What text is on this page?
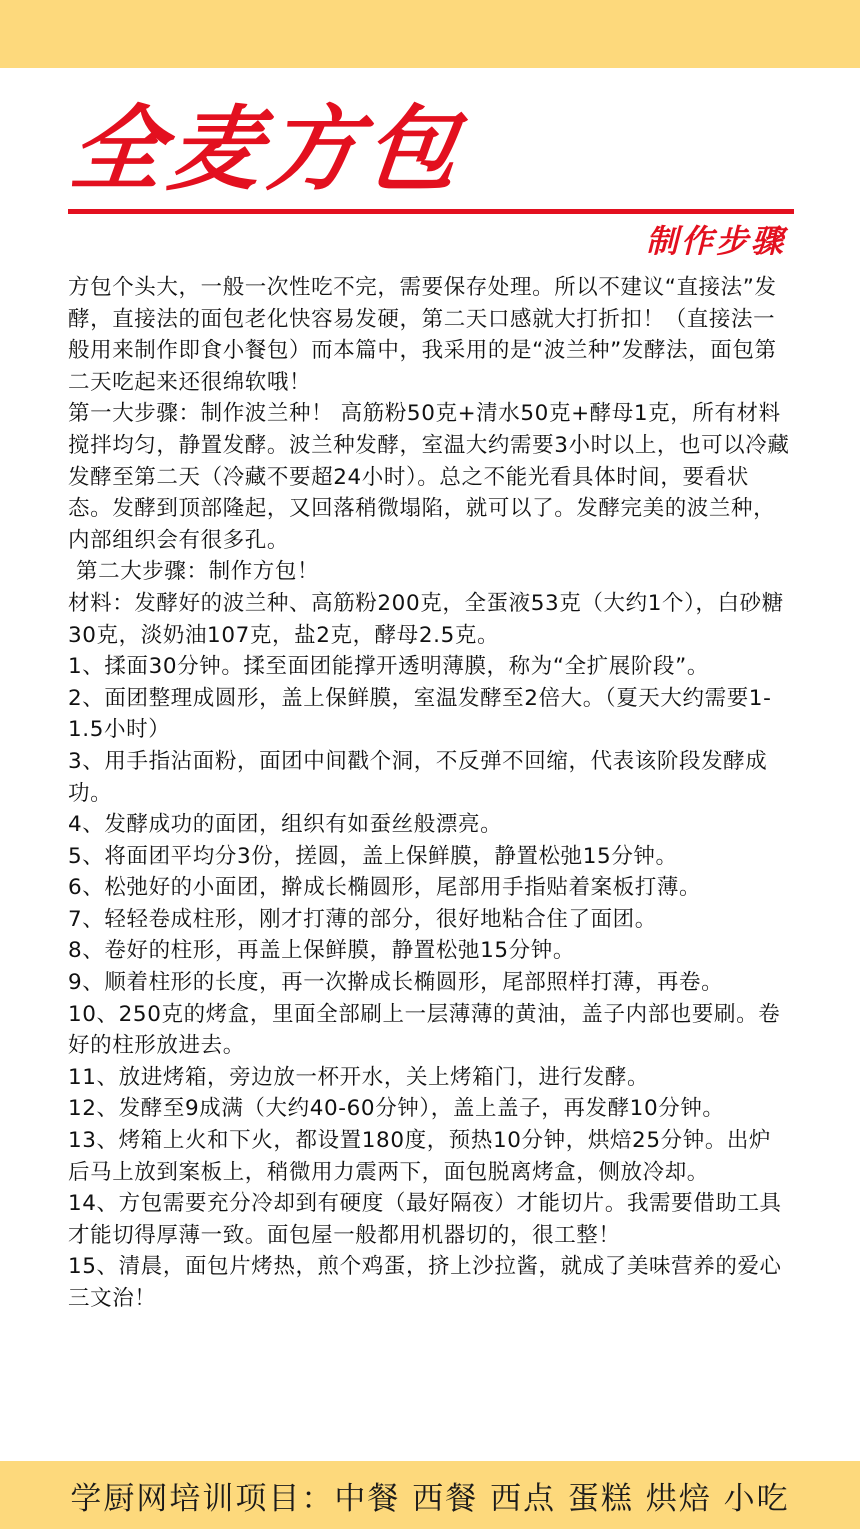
全麦方包
制作步骤

方包个头大，一般一次性吃不完，需要保存处理。所以不建议“直接法”发酵，直接法的面包老化快容易发硬，第二天口感就大打折扣！（直接法一般用来制作即食小餐包）而本篇中，我采用的是“波兰种”发酵法，面包第二天吃起来还很绵软哦！

第一大步骤：制作波兰种！ 高筋粉50克+清水50克+酵母1克，所有材料搅拌均匀，静置发酵。波兰种发酵，室温大约需要3小时以上，也可以冷藏发酵至第二天（冷藏不要超24小时）。总之不能光看具体时间，要看状态。发酵到顶部隆起，又回落稍微塌陷，就可以了。发酵完美的波兰种，内部组织会有很多孔。

第二大步骤：制作方包！

材料：发酵好的波兰种、高筋粉200克，全蛋液53克（大约1个），白砂糖30克，淡奶油107克，盐2克，酵母2.5克。

1、揉面30分钟。揉至面团能撑开透明薄膜，称为“全扩展阶段”。

2、面团整理成圆形，盖上保鲜膜，室温发酵至2倍大。（夏天大约需要1-1.5小时）

3、用手指沾面粉，面团中间戳个洞，不反弹不回缩，代表该阶段发酵成功。

4、发酵成功的面团，组织有如蚕丝般漂亮。

5、将面团平均分3份，搓圆，盖上保鲜膜，静置松弛15分钟。

6、松弛好的小面团，擀成长椭圆形，尾部用手指贴着案板打薄。

7、轻轻卷成柱形，刚才打薄的部分，很好地粘合住了面团。

8、卷好的柱形，再盖上保鲜膜，静置松弛15分钟。

9、顺着柱形的长度，再一次擀成长椭圆形，尾部照样打薄，再卷。

10、250克的烤盒，里面全部刷上一层薄薄的黄油，盖子内部也要刷。卷好的柱形放进去。

11、放进烤箱，旁边放一杯开水，关上烤箱门，进行发酵。

12、发酵至9成满（大约40-60分钟），盖上盖子，再发酵10分钟。

13、烤箱上火和下火，都设置180度，预热10分钟，烘焙25分钟。出炉后马上放到案板上，稍微用力震两下，面包脱离烤盒，侧放冷却。

14、方包需要充分冷却到有硬度（最好隔夜）才能切片。我需要借助工具才能切得厚薄一致。面包屋一般都用机器切的，很工整！

15、清晨，面包片烤热，煎个鸡蛋，挤上沙拉酱，就成了美味营养的爱心三文治！

学厨网培训项目：中餐 西餐 西点 蛋糕 烘焙 小吃
